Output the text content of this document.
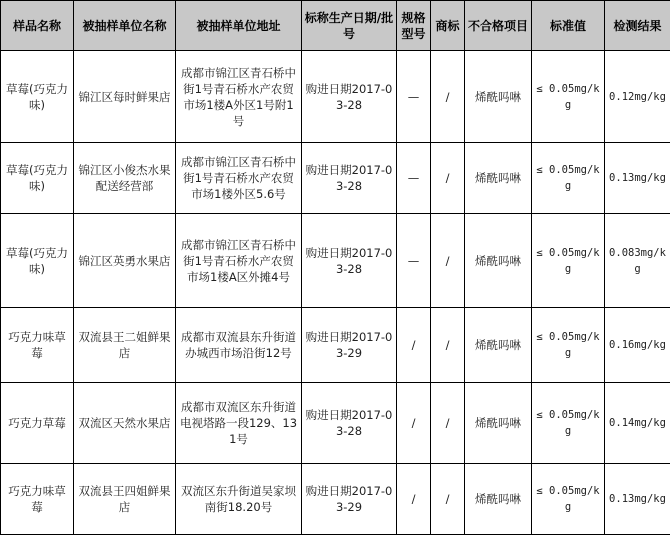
样品名称	被抽样单位名称	被抽样单位地址	标称生产日期/批号	规格型号	商标	不合格项目	标准值	检测结果
草莓(巧克力味)	锦江区每时鲜果店	成都市锦江区青石桥中街1号青石桥水产农贸市场1楼A外区1号附1号	购进日期2017-03-28	—	/	烯酰吗啉	≤ 0.05mg/kg	0.12mg/kg
草莓(巧克力味)	锦江区小俊杰水果配送经营部	成都市锦江区青石桥中街1号青石桥水产农贸市场1楼外区5.6号	购进日期2017-03-28	—	/	烯酰吗啉	≤ 0.05mg/kg	0.13mg/kg
草莓(巧克力味)	锦江区英勇水果店	成都市锦江区青石桥中街1号青石桥水产农贸市场1楼A区外摊4号	购进日期2017-03-28	—	/	烯酰吗啉	≤ 0.05mg/kg	0.083mg/kg
巧克力味草莓	双流县王二姐鲜果店	成都市双流县东升街道办城西市场沿街12号	购进日期2017-03-29	/	/	烯酰吗啉	≤ 0.05mg/kg	0.16mg/kg
巧克力草莓	双流区天然水果店	成都市双流区东升街道电视塔路一段129、131号	购进日期2017-03-28	/	/	烯酰吗啉	≤ 0.05mg/kg	0.14mg/kg
巧克力味草莓	双流县王四姐鲜果店	双流区东升街道吴家坝南街18.20号	购进日期2017-03-29	/	/	烯酰吗啉	≤ 0.05mg/kg	0.13mg/kg
